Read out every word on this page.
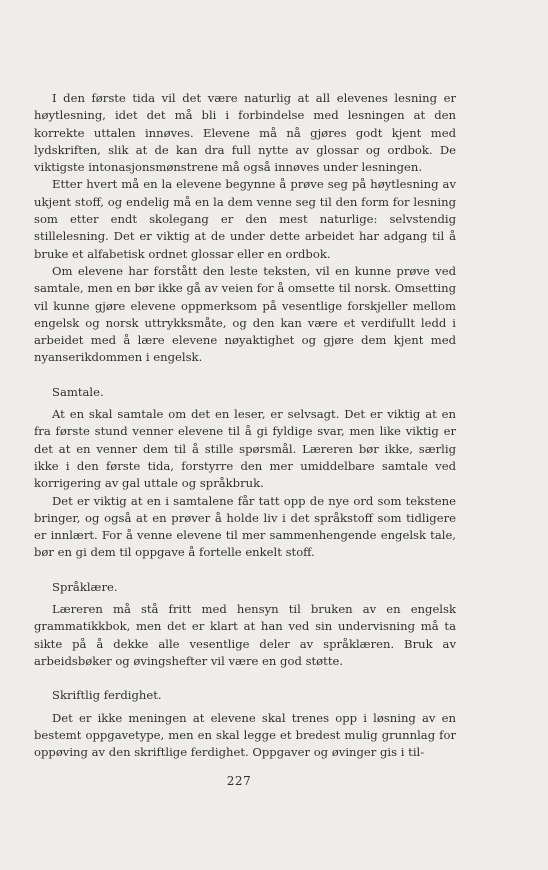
I den første tida vil det være naturlig at all elevenes lesning er høytlesning, idet det må bli i forbindelse med lesningen at den korrekte uttalen innøves. Elevene må nå gjøres godt kjent med lydskriften, slik at de kan dra full nytte av glossar og ordbok. De viktigste intonasjonsmønstrene må også innøves under lesningen.

Etter hvert må en la elevene begynne å prøve seg på høytlesning av ukjent stoff, og endelig må en la dem venne seg til den form for lesning som etter endt skolegang er den mest naturlige: selvstendig stillelesning. Det er viktig at de under dette arbeidet har adgang til å bruke et alfabetisk ordnet glossar eller en ordbok.

Om elevene har forstått den leste teksten, vil en kunne prøve ved samtale, men en bør ikke gå av veien for å omsette til norsk. Omsetting vil kunne gjøre elevene oppmerksom på vesentlige forskjeller mellom engelsk og norsk uttrykksmåte, og den kan være et verdifullt ledd i arbeidet med å lære elevene nøyaktighet og gjøre dem kjent med nyanserikdommen i engelsk.

Samtale.

At en skal samtale om det en leser, er selvsagt. Det er viktig at en fra første stund venner elevene til å gi fyldige svar, men like viktig er det at en venner dem til å stille spørsmål. Læreren bør ikke, særlig ikke i den første tida, forstyrre den mer umiddelbare samtale ved korrigering av gal uttale og språkbruk.

Det er viktig at en i samtalene får tatt opp de nye ord som tekstene bringer, og også at en prøver å holde liv i det språkstoff som tidligere er innlært. For å venne elevene til mer sammenhengende engelsk tale, bør en gi dem til oppgave å fortelle enkelt stoff.

Språklære.

Læreren må stå fritt med hensyn til bruken av en engelsk grammatikkbok, men det er klart at han ved sin undervisning må ta sikte på å dekke alle vesentlige deler av språklæren. Bruk av arbeidsbøker og øvingshefter vil være en god støtte.

Skriftlig ferdighet.

Det er ikke meningen at elevene skal trenes opp i løsning av en bestemt oppgavetype, men en skal legge et bredest mulig grunnlag for oppøving av den skriftlige ferdighet. Oppgaver og øvinger gis i til-

227
